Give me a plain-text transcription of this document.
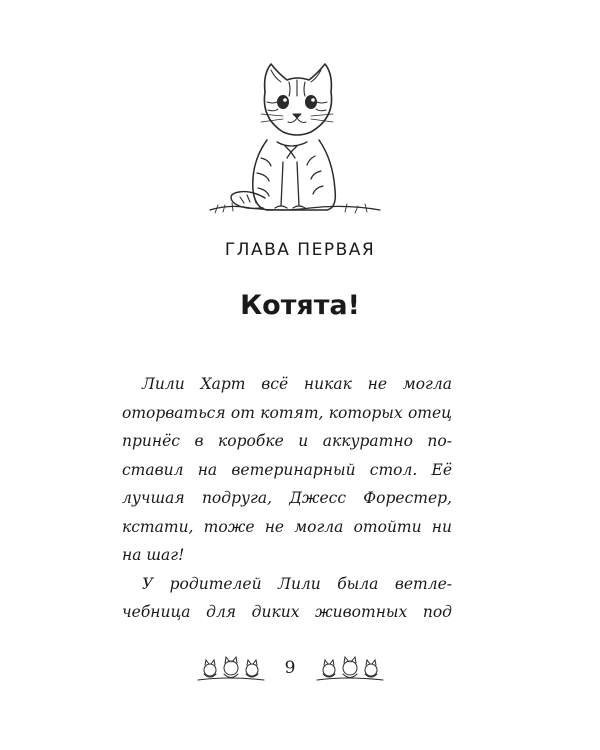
ГЛАВА ПЕРВАЯ
Котята!
Лили Харт всё никак не могла
оторваться от котят, которых отец
принёс в коробке и аккуратно по-
ставил на ветеринарный стол. Её
лучшая подруга, Джесс Форестер,
кстати, тоже не могла отойти ни
на шаг!
У родителей Лили была ветле-
чебница для диких животных под
9
